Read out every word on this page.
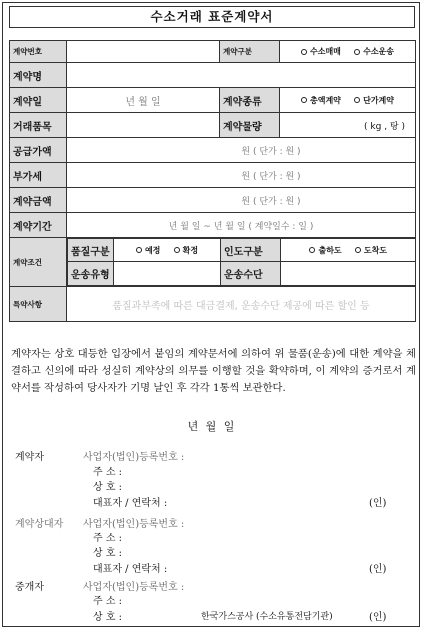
수소거래 표준계약서
계약번호		계약구분	수소매매	수소운송
계약명	
계약일	년 월 일	계약종류	총액계약	단가계약
거래품목		계약물량	( kg , 탕 )
공급가액	원 ( 단가 : 원 )
부가세	원 ( 단가 : 원 )
계약금액	원 ( 단가 : 원 )
계약기간	년 월 일 ~ 년 월 일 ( 계약일수 : 일 )
계약조건	
품질구분	예정	확정	인도구분	출하도	도착도
운송유형		운송수단	

특약사항	품질과부족에 따른 대금결제, 운송수단 제공에 따른 할인 등
계약자는 상호 대등한 입장에서 붙임의 계약문서에 의하여 위 물품(운송)에 대한 계약을 체결하고 신의에 따라 성실히 계약상의 의무를 이행할 것을 확약하며, 이 계약의 증거로서 계약서를 작성하여 당사자가 기명 날인 후 각각 1통씩 보관한다.
년 월 일
계약자	사업자(법인)등록번호 :
주 소 :
상 호 :
대표자 / 연락처 :	(인)
계약상대자	사업자(법인)등록번호 :
주 소 :
상 호 :
대표자 / 연락처 :	(인)
중개자	사업자(법인)등록번호 :
주 소 :
상 호 :	한국가스공사 (수소유통전담기관)	(인)
